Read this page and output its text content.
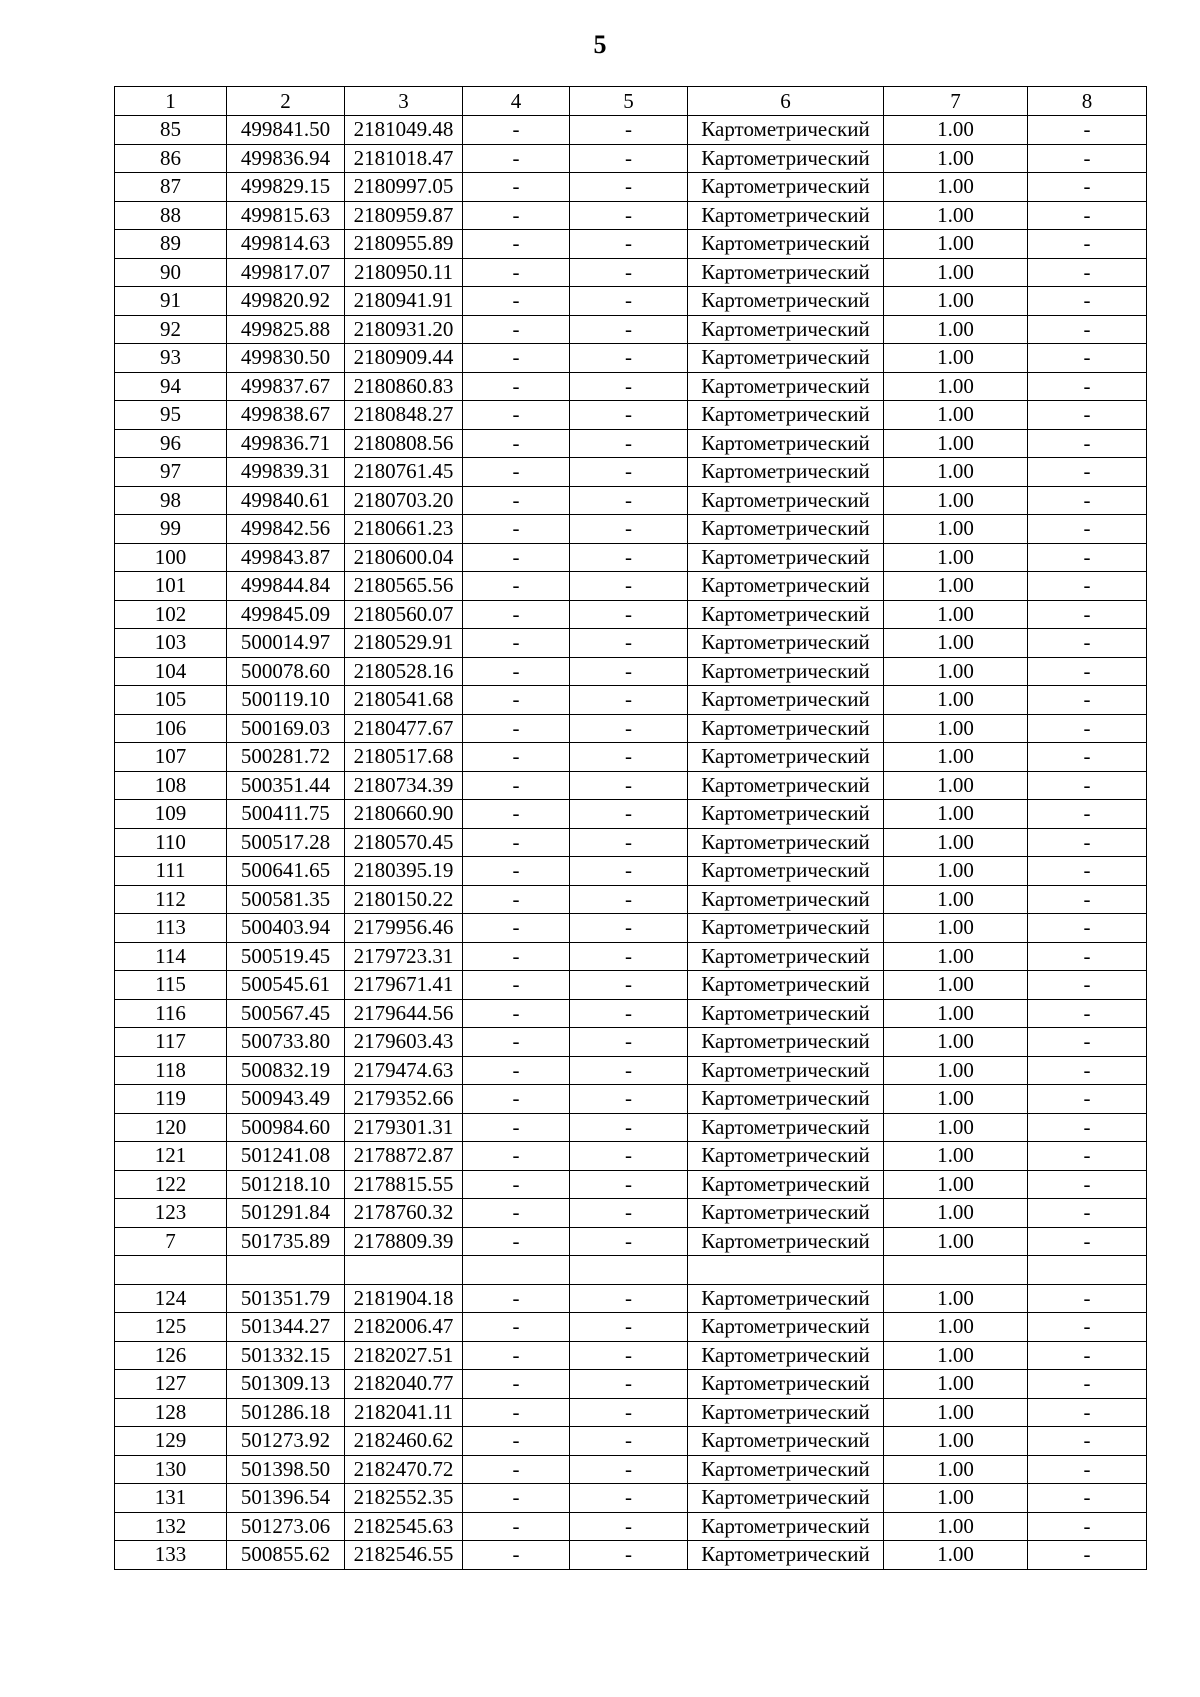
5
1	2	3	4	5	6	7	8
85	499841.50	2181049.48	-	-	Картометрический	1.00	-
86	499836.94	2181018.47	-	-	Картометрический	1.00	-
87	499829.15	2180997.05	-	-	Картометрический	1.00	-
88	499815.63	2180959.87	-	-	Картометрический	1.00	-
89	499814.63	2180955.89	-	-	Картометрический	1.00	-
90	499817.07	2180950.11	-	-	Картометрический	1.00	-
91	499820.92	2180941.91	-	-	Картометрический	1.00	-
92	499825.88	2180931.20	-	-	Картометрический	1.00	-
93	499830.50	2180909.44	-	-	Картометрический	1.00	-
94	499837.67	2180860.83	-	-	Картометрический	1.00	-
95	499838.67	2180848.27	-	-	Картометрический	1.00	-
96	499836.71	2180808.56	-	-	Картометрический	1.00	-
97	499839.31	2180761.45	-	-	Картометрический	1.00	-
98	499840.61	2180703.20	-	-	Картометрический	1.00	-
99	499842.56	2180661.23	-	-	Картометрический	1.00	-
100	499843.87	2180600.04	-	-	Картометрический	1.00	-
101	499844.84	2180565.56	-	-	Картометрический	1.00	-
102	499845.09	2180560.07	-	-	Картометрический	1.00	-
103	500014.97	2180529.91	-	-	Картометрический	1.00	-
104	500078.60	2180528.16	-	-	Картометрический	1.00	-
105	500119.10	2180541.68	-	-	Картометрический	1.00	-
106	500169.03	2180477.67	-	-	Картометрический	1.00	-
107	500281.72	2180517.68	-	-	Картометрический	1.00	-
108	500351.44	2180734.39	-	-	Картометрический	1.00	-
109	500411.75	2180660.90	-	-	Картометрический	1.00	-
110	500517.28	2180570.45	-	-	Картометрический	1.00	-
111	500641.65	2180395.19	-	-	Картометрический	1.00	-
112	500581.35	2180150.22	-	-	Картометрический	1.00	-
113	500403.94	2179956.46	-	-	Картометрический	1.00	-
114	500519.45	2179723.31	-	-	Картометрический	1.00	-
115	500545.61	2179671.41	-	-	Картометрический	1.00	-
116	500567.45	2179644.56	-	-	Картометрический	1.00	-
117	500733.80	2179603.43	-	-	Картометрический	1.00	-
118	500832.19	2179474.63	-	-	Картометрический	1.00	-
119	500943.49	2179352.66	-	-	Картометрический	1.00	-
120	500984.60	2179301.31	-	-	Картометрический	1.00	-
121	501241.08	2178872.87	-	-	Картометрический	1.00	-
122	501218.10	2178815.55	-	-	Картометрический	1.00	-
123	501291.84	2178760.32	-	-	Картометрический	1.00	-
7	501735.89	2178809.39	-	-	Картометрический	1.00	-

124	501351.79	2181904.18	-	-	Картометрический	1.00	-
125	501344.27	2182006.47	-	-	Картометрический	1.00	-
126	501332.15	2182027.51	-	-	Картометрический	1.00	-
127	501309.13	2182040.77	-	-	Картометрический	1.00	-
128	501286.18	2182041.11	-	-	Картометрический	1.00	-
129	501273.92	2182460.62	-	-	Картометрический	1.00	-
130	501398.50	2182470.72	-	-	Картометрический	1.00	-
131	501396.54	2182552.35	-	-	Картометрический	1.00	-
132	501273.06	2182545.63	-	-	Картометрический	1.00	-
133	500855.62	2182546.55	-	-	Картометрический	1.00	-
